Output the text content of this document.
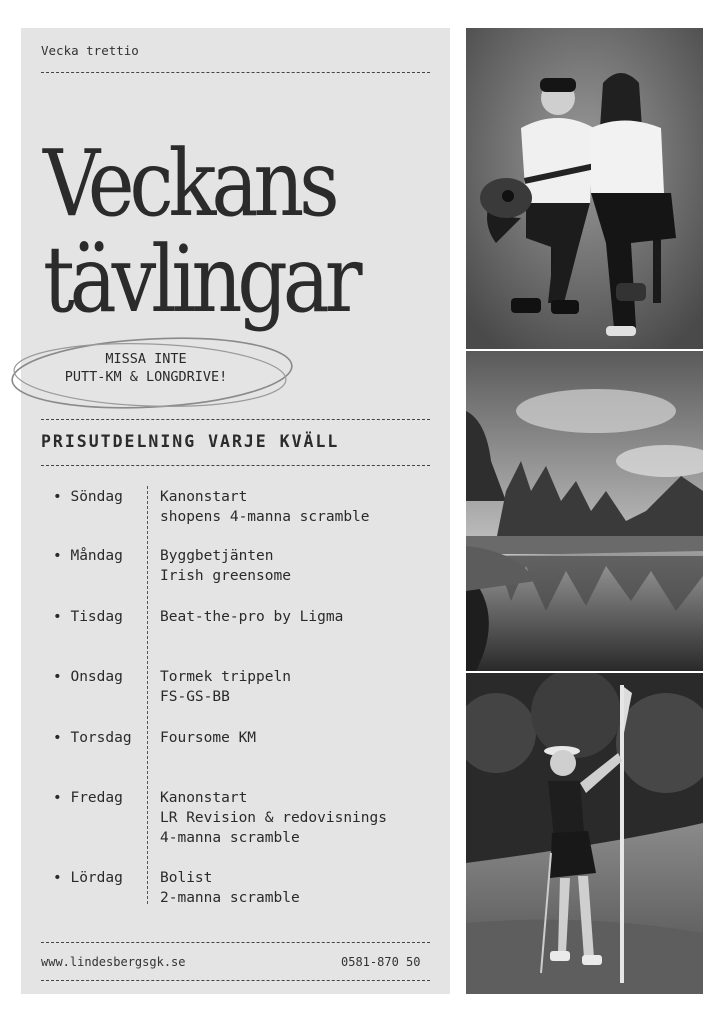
Vecka trettio
Veckans
tävlingar
MISSA INTE
PUTT-KM & LONGDRIVE!
PRISUTDELNING VARJE KVÄLL
• Söndag	Kanonstart
shopens 4-manna scramble
• Måndag	Byggbetjänten
Irish greensome
• Tisdag	Beat-the-pro by Ligma
• Onsdag	Tormek trippeln
FS-GS-BB
• Torsdag Foursome KM
• Fredag	Kanonstart
LR Revision & redovisnings
4-manna scramble
• Lördag	Bolist
2-manna scramble
www.lindesbergsgk.se	0581-870 50
